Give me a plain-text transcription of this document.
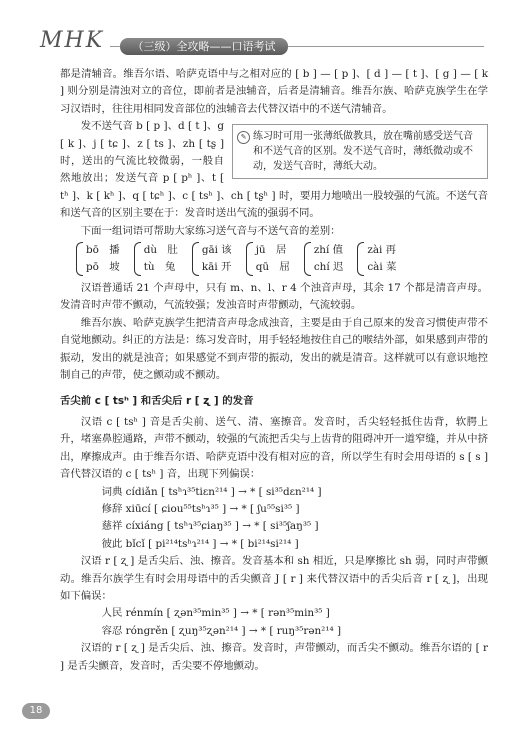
MHK	（三级）全攻略——口语考试

都是清辅音。维吾尔语、哈萨克语中与之相对应的 [ b ] — [ p ]、[ d ] — [ t ]、[ g ] — [ k ] 则分别是清浊对立的音位，即前者是浊辅音，后者是清辅音。维吾尔族、哈萨克族学生在学习汉语时，往往用相同发音部位的浊辅音去代替汉语中的不送气清辅音。

✎ 练习时可用一张薄纸做教具，放在嘴前感受送气音和不送气音的区别。发不送气音时，薄纸微动或不动，发送气音时，薄纸大动。

发不送气音 b [ p ]、d [ t ]、g [ k ]、j [ tɕ ]、z [ ts ]、zh [ tʂ ] 时，送出的气流比较微弱，一般自然地放出；发送气音 p [ pʰ ]、t [ tʰ ]、k [ kʰ ]、q [ tɕʰ ]、c [ tsʰ ]、ch [ tʂʰ ] 时，要用力地喷出一股较强的气流。不送气音和送气音的区别主要在于：发音时送出气流的强弱不同。

下面一组词语可帮助大家练习送气音与不送气音的差别：

bō　播
pō　坡
dù　肚
tù　兔
gāi 该
kāi 开
jū　居
qū　屈
zhí 值
chí 迟
zài 再
cài 菜

汉语普通话 21 个声母中，只有 m、n、l、r 4 个浊音声母，其余 17 个都是清音声母。发清音时声带不颤动，气流较强；发浊音时声带颤动，气流较弱。

维吾尔族、哈萨克族学生把清音声母念成浊音，主要是由于自己原来的发音习惯使声带不自觉地颤动。纠正的方法是：练习发音时，用手轻轻地按住自己的喉结外部，如果感到声带的振动，发出的就是浊音；如果感觉不到声带的振动，发出的就是清音。这样就可以有意识地控制自己的声带，使之颤动或不颤动。

舌尖前 c [ tsʰ ] 和舌尖后 r [ ʐ ] 的发音

汉语 c [ tsʰ ] 音是舌尖前、送气、清、塞擦音。发音时，舌尖轻轻抵住齿背，软腭上升，堵塞鼻腔通路，声带不颤动，较强的气流把舌尖与上齿背的阻碍冲开一道窄缝，并从中挤出，摩擦成声。由于维吾尔语、哈萨克语中没有相对应的音，所以学生有时会用母语的 s [ s ] 音代替汉语的 c [ tsʰ ] 音，出现下列偏误：

词典 cídiǎn [ tsʰɿ³⁵tiɛn²¹⁴ ] → * [ si³⁵dɛn²¹⁴ ]

修辞 xiūcí [ ɕiou⁵⁵tsʰɿ³⁵ ] → * [ ʃu⁵⁵si³⁵ ]

慈祥 cíxiáng [ tsʰɿ³⁵ɕiaŋ³⁵ ] → * [ si³⁵ʃaŋ³⁵ ]

彼此 bǐcǐ [ pi²¹⁴tsʰɿ²¹⁴ ] → * [ bi²¹⁴si²¹⁴ ]

汉语 r [ ʐ ] 是舌尖后、浊、擦音。发音基本和 sh 相近，只是摩擦比 sh 弱，同时声带颤动。维吾尔族学生有时会用母语中的舌尖颤音 J [ r ] 来代替汉语中的舌尖后音 r [ ʐ ]，出现如下偏误：

人民 rénmín [ ʐən³⁵min³⁵ ] → * [ rən³⁵min³⁵ ]

容忍 róngrěn [ ʐuŋ³⁵ʐən²¹⁴ ] → * [ ruŋ³⁵rən²¹⁴ ]

汉语的 r [ ʐ ] 是舌尖后、浊、擦音。发音时，声带颤动，而舌尖不颤动。维吾尔语的 [ r ] 是舌尖颤音，发音时，舌尖要不停地颤动。

18
